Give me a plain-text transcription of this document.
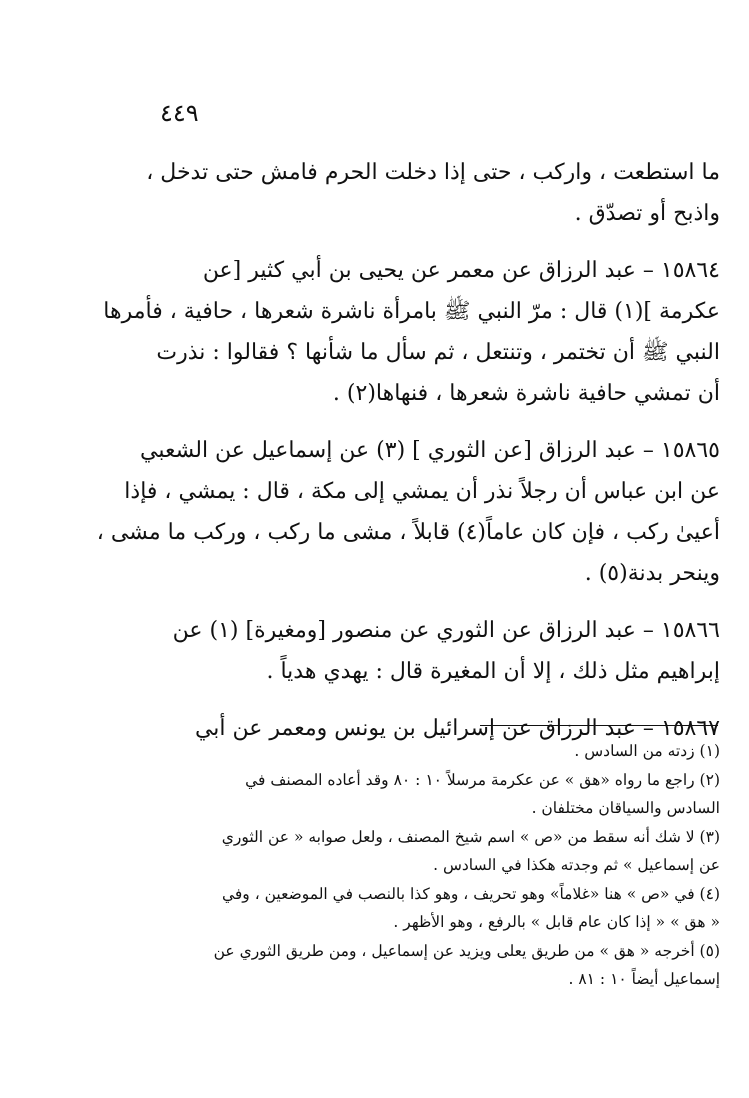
٤٤٩
ما استطعت ، واركب ، حتى إذا دخلت الحرم فامش حتى تدخل ،
واذبح أو تصدّق .
١٥٨٦٤ – عبد الرزاق عن معمر عن يحيى بن أبي كثير [عن
عكرمة ](١) قال : مرّ النبي ﷺ بامرأة ناشرة شعرها ، حافية ، فأمرها
النبي ﷺ أن تختمر ، وتنتعل ، ثم سأل ما شأنها ؟ فقالوا : نذرت
أن تمشي حافية ناشرة شعرها ، فنهاها(٢) .
١٥٨٦٥ – عبد الرزاق [عن الثوري ] (٣) عن إسماعيل عن الشعبي
عن ابن عباس أن رجلاً نذر أن يمشي إلى مكة ، قال : يمشي ، فإذا
أعيىٰ ركب ، فإن كان عاماً(٤) قابلاً ، مشى ما ركب ، وركب ما مشى ،
وينحر بدنة(٥) .
١٥٨٦٦ – عبد الرزاق عن الثوري عن منصور [ومغيرة] (١) عن
إبراهيم مثل ذلك ، إلا أن المغيرة قال : يهدي هدياً .
١٥٨٦٧ – عبد الرزاق عن إسرائيل بن يونس ومعمر عن أبي
(١) زدته من السادس .
(٢) راجع ما رواه «هق » عن عكرمة مرسلاً ١٠ : ٨٠ وقد أعاده المصنف في
السادس والسياقان مختلفان .
(٣) لا شك أنه سقط من «ص » اسم شيخ المصنف ، ولعل صوابه « عن الثوري
عن إسماعيل » ثم وجدته هكذا في السادس .
(٤) في «ص » هنا «غلاماً» وهو تحريف ، وهو كذا بالنصب في الموضعين ، وفي
« هق » « إذا كان عام قابل » بالرفع ، وهو الأظهر .
(٥) أخرجه « هق » من طريق يعلى ويزيد عن إسماعيل ، ومن طريق الثوري عن
إسماعيل أيضاً ١٠ : ٨١ .
